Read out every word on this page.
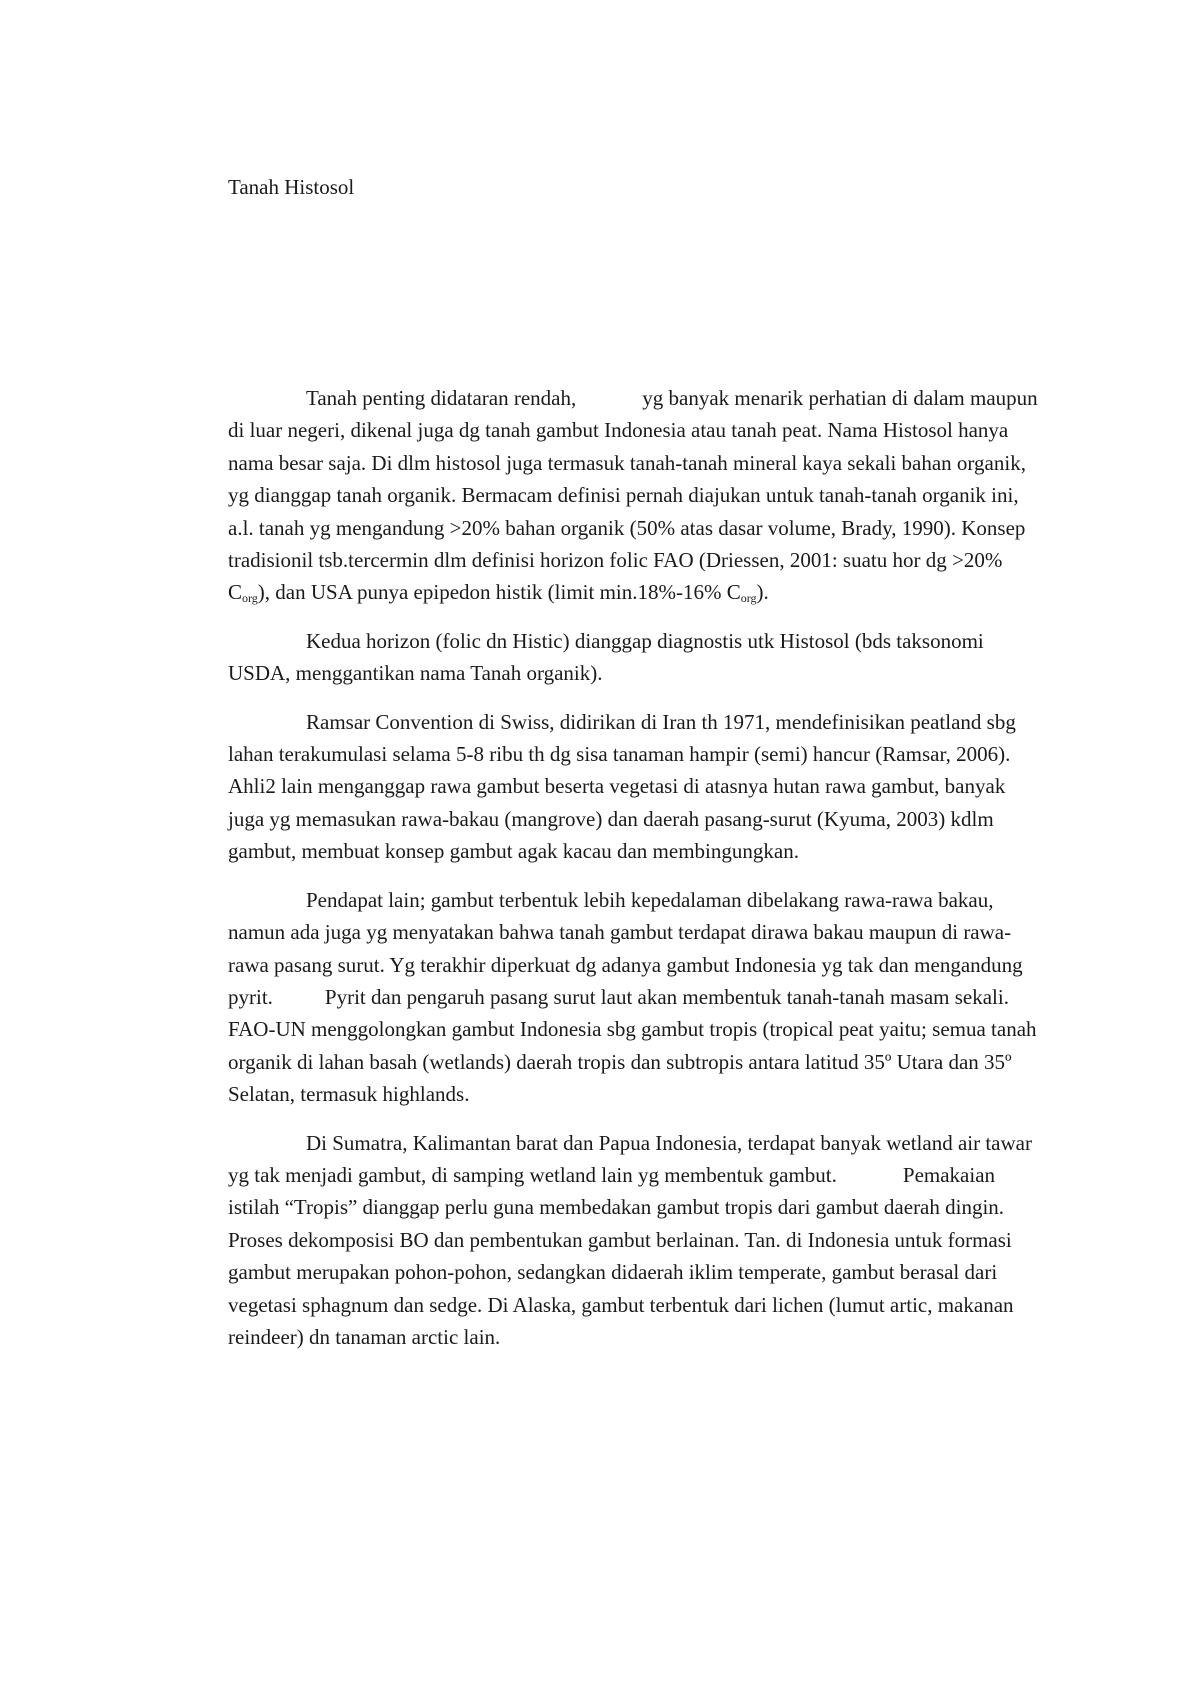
Tanah Histosol

Tanah penting didataran rendah,	yg banyak menarik perhatian di dalam maupun di luar negeri, dikenal juga dg tanah gambut Indonesia atau tanah peat. Nama Histosol hanya nama besar saja. Di dlm histosol juga termasuk tanah-tanah mineral kaya sekali bahan organik, yg dianggap tanah organik. Bermacam definisi pernah diajukan untuk tanah-tanah organik ini, a.l. tanah yg mengandung >20% bahan organik (50% atas dasar volume, Brady, 1990). Konsep tradisionil tsb.tercermin dlm definisi horizon folic FAO (Driessen, 2001: suatu hor dg >20% $C_{org}$), dan USA punya epipedon histik (limit min.18%-16% $C_{org}$).

Kedua horizon (folic dn Histic) dianggap diagnostis utk Histosol (bds taksonomi USDA, menggantikan nama Tanah organik).

Ramsar Convention di Swiss, didirikan di Iran th 1971, mendefinisikan peatland sbg lahan terakumulasi selama 5-8 ribu th dg sisa tanaman hampir (semi) hancur (Ramsar, 2006). Ahli2 lain menganggap rawa gambut beserta vegetasi di atasnya hutan rawa gambut, banyak juga yg memasukan rawa-bakau (mangrove) dan daerah pasang-surut (Kyuma, 2003) kdlm gambut, membuat konsep gambut agak kacau dan membingungkan.

Pendapat lain; gambut terbentuk lebih kepedalaman dibelakang rawa-rawa bakau, namun ada juga yg menyatakan bahwa tanah gambut terdapat dirawa bakau maupun di rawa- rawa pasang surut. Yg terakhir diperkuat dg adanya gambut Indonesia yg tak dan mengandung pyrit. Pyrit dan pengaruh pasang surut laut akan membentuk tanah-tanah masam sekali. FAO-UN menggolongkan gambut Indonesia sbg gambut tropis (tropical peat yaitu; semua tanah organik di lahan basah (wetlands) daerah tropis dan subtropis antara latitud 35º Utara dan 35º Selatan, termasuk highlands.

Di Sumatra, Kalimantan barat dan Papua Indonesia, terdapat banyak wetland air tawar yg tak menjadi gambut, di samping wetland lain yg membentuk gambut.	Pemakaian istilah “Tropis” dianggap perlu guna membedakan gambut tropis dari gambut daerah dingin. Proses dekomposisi BO dan pembentukan gambut berlainan. Tan. di Indonesia untuk formasi gambut merupakan pohon-pohon, sedangkan didaerah iklim temperate, gambut berasal dari vegetasi sphagnum dan sedge. Di Alaska, gambut terbentuk dari lichen (lumut artic, makanan reindeer) dn tanaman arctic lain.
